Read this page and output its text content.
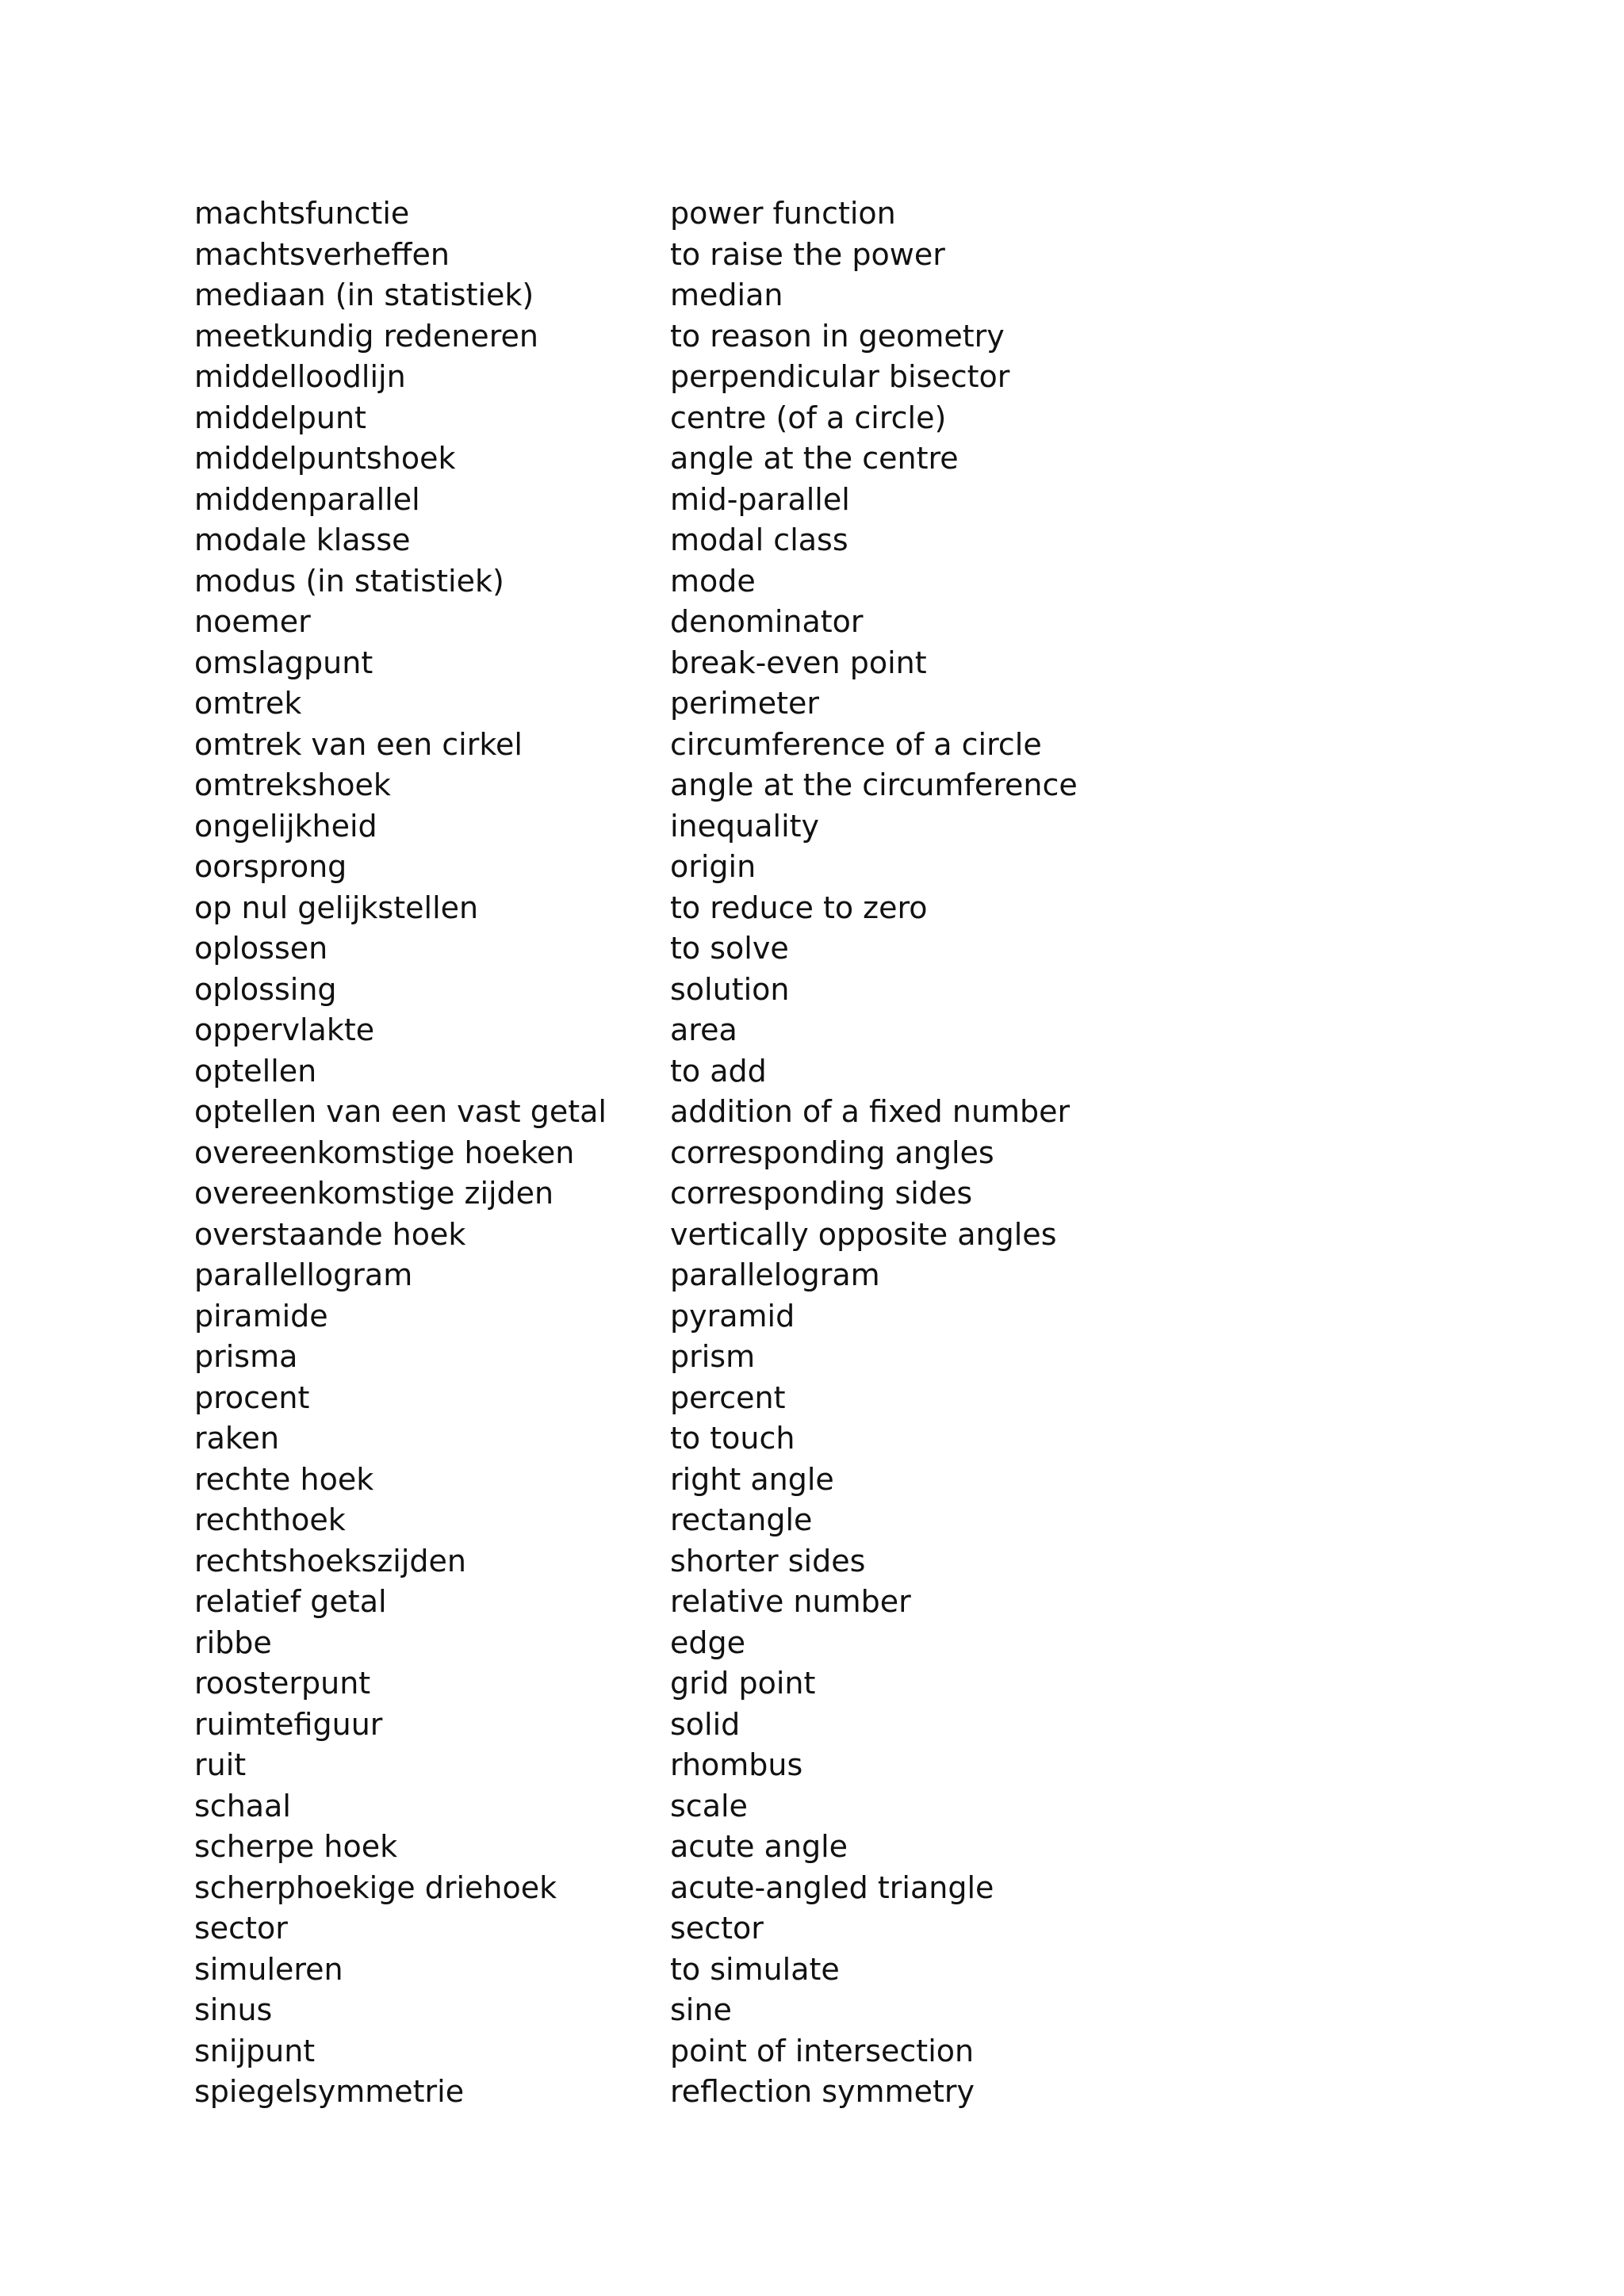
machtsfunctie	power function
machtsverheffen	to raise the power
mediaan (in statistiek)	median
meetkundig redeneren	to reason in geometry
middelloodlijn	perpendicular bisector
middelpunt	centre (of a circle)
middelpuntshoek	angle at the centre
middenparallel	mid-parallel
modale klasse	modal class
modus (in statistiek)	mode
noemer	denominator
omslagpunt	break-even point
omtrek	perimeter
omtrek van een cirkel	circumference of a circle
omtrekshoek	angle at the circumference
ongelijkheid	inequality
oorsprong	origin
op nul gelijkstellen	to reduce to zero
oplossen	to solve
oplossing	solution
oppervlakte	area
optellen	to add
optellen van een vast getal	addition of a fixed number
overeenkomstige hoeken	corresponding angles
overeenkomstige zijden	corresponding sides
overstaande hoek	vertically opposite angles
parallellogram	parallelogram
piramide	pyramid
prisma	prism
procent	percent
raken	to touch
rechte hoek	right angle
rechthoek	rectangle
rechtshoekszijden	shorter sides
relatief getal	relative number
ribbe	edge
roosterpunt	grid point
ruimtefiguur	solid
ruit	rhombus
schaal	scale
scherpe hoek	acute angle
scherphoekige driehoek	acute-angled triangle
sector	sector
simuleren	to simulate
sinus	sine
snijpunt	point of intersection
spiegelsymmetrie	reflection symmetry
